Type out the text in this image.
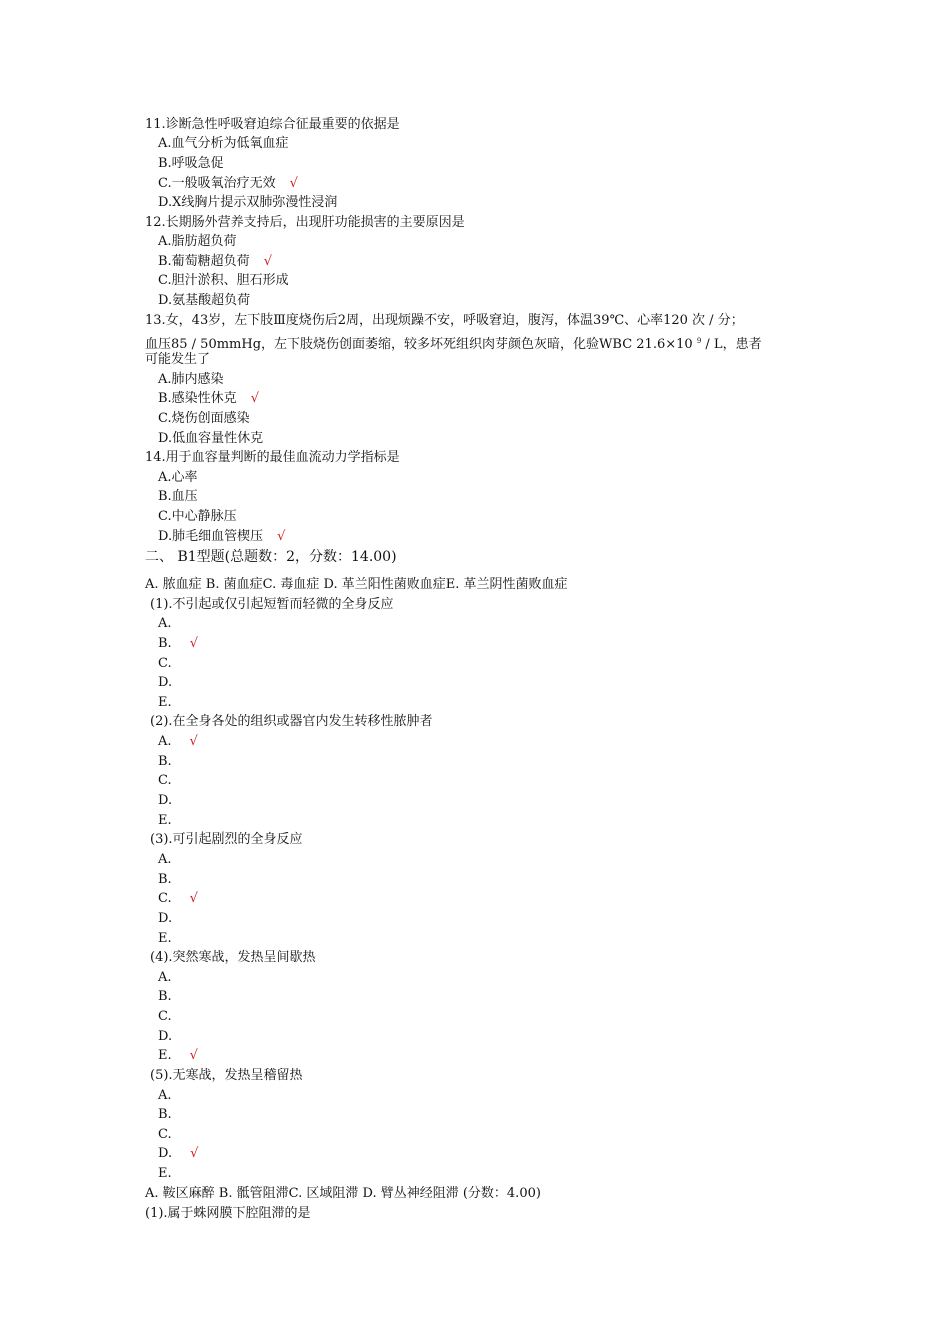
11.诊断急性呼吸窘迫综合征最重要的依据是
A.血气分析为低氧血症
B.呼吸急促
C.一般吸氧治疗无效 √
D.X线胸片提示双肺弥漫性浸润
12.长期肠外营养支持后，出现肝功能损害的主要原因是
A.脂肪超负荷
B.葡萄糖超负荷 √
C.胆汁淤积、胆石形成
D.氨基酸超负荷
13.女，43岁，左下肢Ⅲ度烧伤后2周，出现烦躁不安，呼吸窘迫，腹泻，体温39℃、心率120 次 / 分；
血压85 / 50mmHg，左下肢烧伤创面萎缩，较多坏死组织肉芽颜色灰暗，化验WBC 21.6×10 $^9$ / L，患者
可能发生了
A.肺内感染
B.感染性休克 √
C.烧伤创面感染
D.低血容量性休克
14.用于血容量判断的最佳血流动力学指标是
A.心率
B.血压
C.中心静脉压
D.肺毛细血管楔压 √
二、 B1型题(总题数：2，分数：14.00)
A. 脓血症 B. 菌血症C. 毒血症 D. 革兰阳性菌败血症E. 革兰阴性菌败血症
(1).不引起或仅引起短暂而轻微的全身反应
A.
B. √
C.
D.
E.
(2).在全身各处的组织或器官内发生转移性脓肿者
A. √
B.
C.
D.
E.
(3).可引起剧烈的全身反应
A.
B.
C. √
D.
E.
(4).突然寒战，发热呈间歇热
A.
B.
C.
D.
E. √
(5).无寒战，发热呈稽留热
A.
B.
C.
D. √
E.
A. 鞍区麻醉 B. 骶管阻滞C. 区域阻滞 D. 臂丛神经阻滞 (分数：4.00)
(1).属于蛛网膜下腔阻滞的是
